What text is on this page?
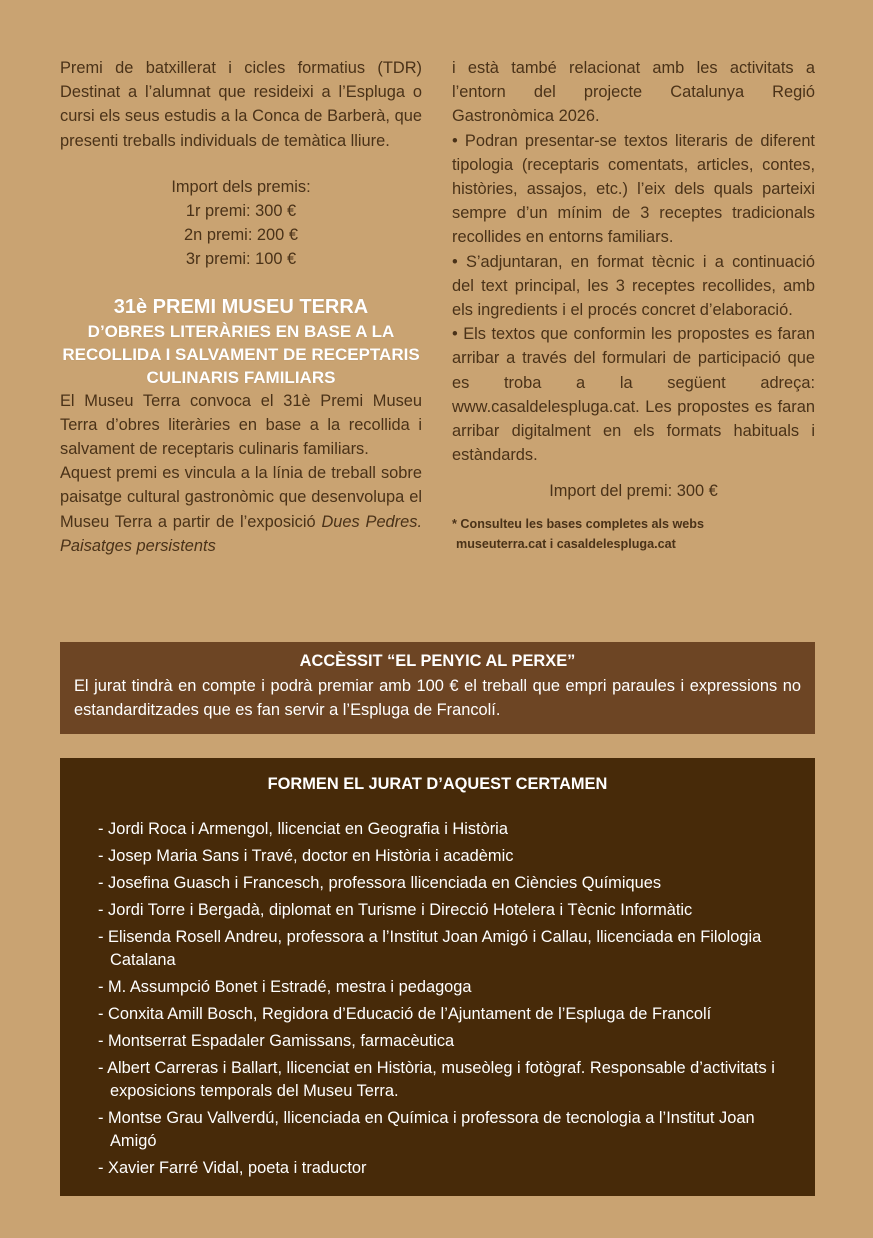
Premi de batxillerat i cicles formatius (TDR) Destinat a l’alumnat que resideixi a l’Espluga o cursi els seus estudis a la Conca de Barberà, que presenti treballs individuals de temàtica lliure.

Import dels premis:

1r premi: 300 €

2n premi: 200 €

3r premi: 100 €

31è PREMI MUSEU TERRA

D’OBRES LITERÀRIES EN BASE A LA RECOLLIDA I SALVAMENT DE RECEPTARIS CULINARIS FAMILIARS

El Museu Terra convoca el 31è Premi Museu Terra d’obres literàries en base a la recollida i salvament de receptaris culinaris familiars.

Aquest premi es vincula a la línia de treball sobre paisatge cultural gastronòmic que desenvolupa el Museu Terra a partir de l’exposició Dues Pedres. Paisatges persistents

i està també relacionat amb les activitats a l’entorn del projecte Catalunya Regió Gastronòmica 2026.

• Podran presentar-se textos literaris de diferent tipologia (receptaris comentats, articles, contes, històries, assajos, etc.) l’eix dels quals parteixi sempre d’un mínim de 3 receptes tradicionals recollides en entorns familiars.

• S’adjuntaran, en format tècnic i a continuació del text principal, les 3 receptes recollides, amb els ingredients i el procés concret d’elaboració.

• Els textos que conformin les propostes es faran arribar a través del formulari de participació que es troba a la següent adreça: www.casaldelespluga.cat. Les propostes es faran arribar digitalment en els formats habituals i estàndards.

Import del premi: 300 €

* Consulteu les bases completes als webs
museuterra.cat i casaldelespluga.cat

ACCÈSSIT “EL PENYIC AL PERXE”

El jurat tindrà en compte i podrà premiar amb 100 € el treball que empri paraules i expressions no estandarditzades que es fan servir a l’Espluga de Francolí.

FORMEN EL JURAT D’AQUEST CERTAMEN

- Jordi Roca i Armengol, llicenciat en Geografia i Història
- Josep Maria Sans i Travé, doctor en Història i acadèmic
- Josefina Guasch i Francesch, professora llicenciada en Ciències Químiques
- Jordi Torre i Bergadà, diplomat en Turisme i Direcció Hotelera i Tècnic Informàtic
- Elisenda Rosell Andreu, professora a l’Institut Joan Amigó i Callau, llicenciada en Filologia Catalana
- M. Assumpció Bonet i Estradé, mestra i pedagoga
- Conxita Amill Bosch, Regidora d’Educació de l’Ajuntament de l’Espluga de Francolí
- Montserrat Espadaler Gamissans, farmacèutica
- Albert Carreras i Ballart, llicenciat en Història, museòleg i fotògraf. Responsable d’activitats i exposicions temporals del Museu Terra.
- Montse Grau Vallverdú, llicenciada en Química i professora de tecnologia a l’Institut Joan Amigó
- Xavier Farré Vidal, poeta i traductor
